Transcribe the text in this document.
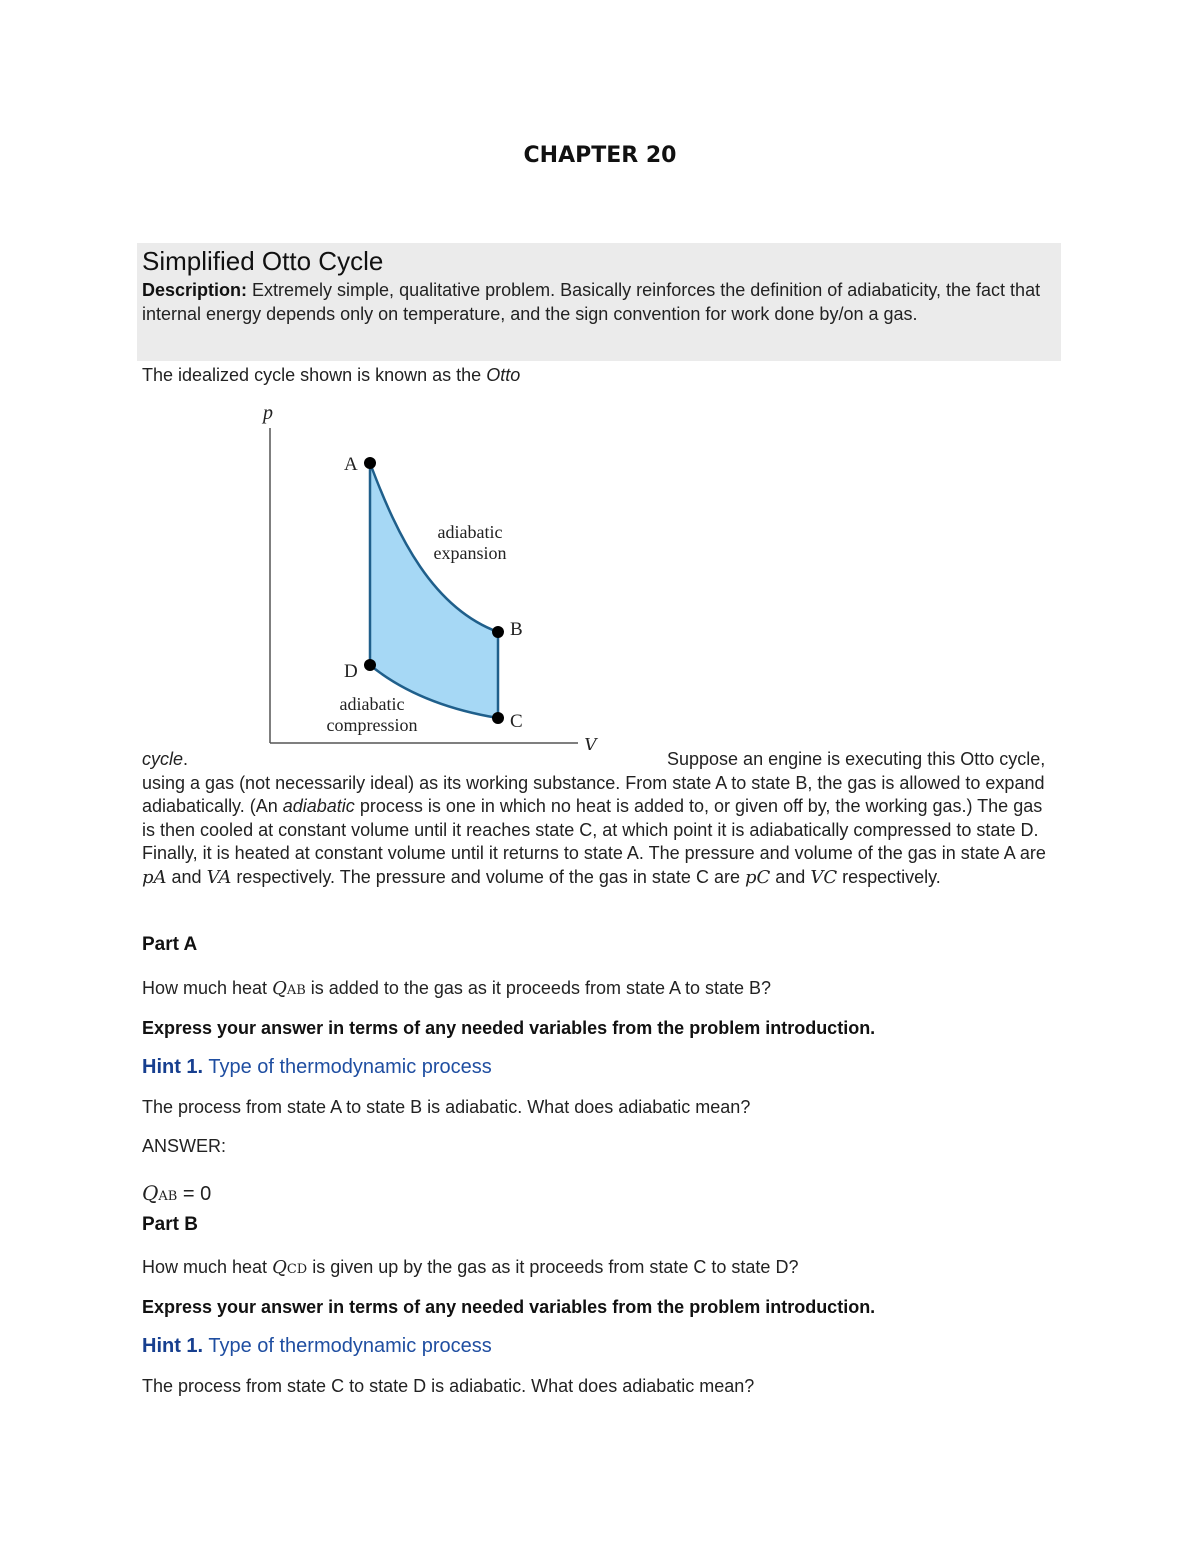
CHAPTER 20
Simplified Otto Cycle
Description: Extremely simple, qualitative problem. Basically reinforces the definition of adiabaticity, the fact that internal energy depends only on temperature, and the sign convention for work done by/on a gas.
The idealized cycle shown is known as the Otto
p
V
A
B
C
D
adiabatic
expansion
adiabatic
compression
cycle.	Suppose an engine is executing this Otto cycle, using a gas (not necessarily ideal) as its working substance. From state A to state B, the gas is allowed to expand adiabatically. (An adiabatic process is one in which no heat is added to, or given off by, the working gas.) The gas is then cooled at constant volume until it reaches state C, at which point it is adiabatically compressed to state D. Finally, it is heated at constant volume until it returns to state A. The pressure and volume of the gas in state A are pA and VA respectively. The pressure and volume of the gas in state C are pC and VC respectively.
Part A
How much heat QAB is added to the gas as it proceeds from state A to state B?
Express your answer in terms of any needed variables from the problem introduction.
Hint 1. Type of thermodynamic process
The process from state A to state B is adiabatic. What does adiabatic mean?
ANSWER:
QAB = 0
Part B
How much heat QCD is given up by the gas as it proceeds from state C to state D?
Express your answer in terms of any needed variables from the problem introduction.
Hint 1. Type of thermodynamic process
The process from state C to state D is adiabatic. What does adiabatic mean?
